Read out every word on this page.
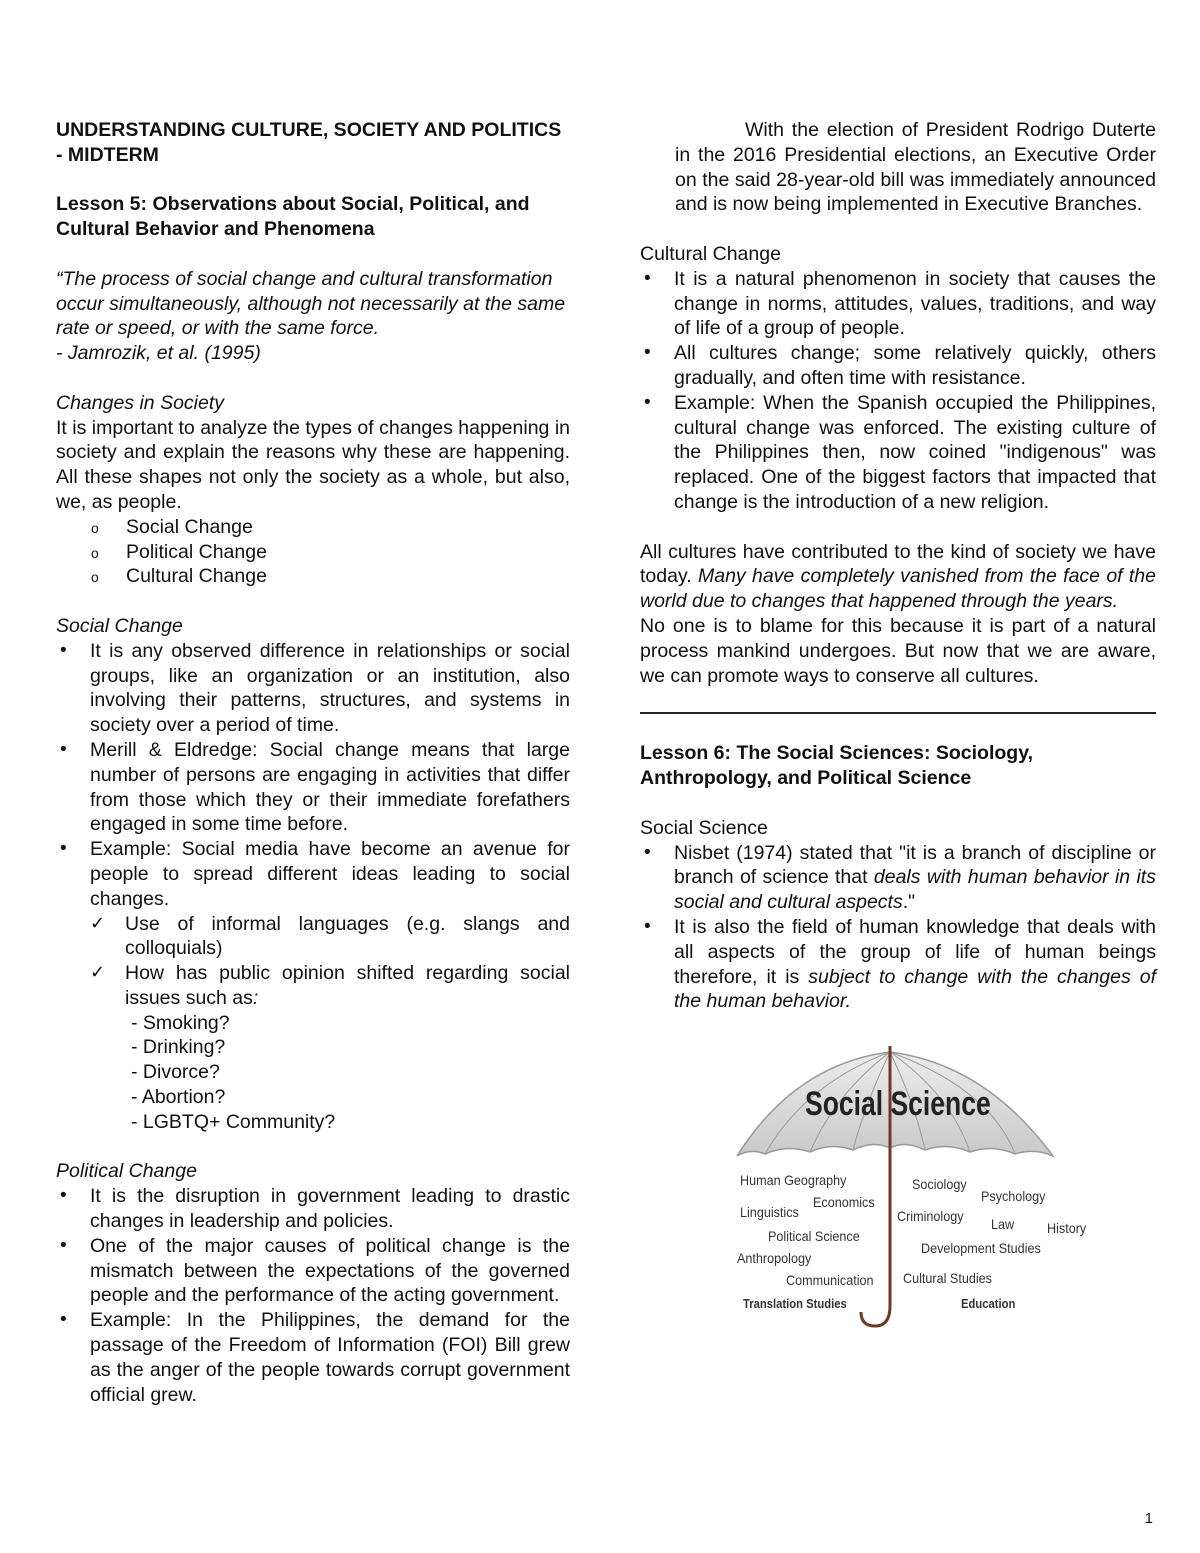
UNDERSTANDING CULTURE, SOCIETY AND POLITICS - MIDTERM

Lesson 5: Observations about Social, Political, and Cultural Behavior and Phenomena

“The process of social change and cultural transformation occur simultaneously, although not necessarily at the same rate or speed, or with the same force.

- Jamrozik, et al. (1995)

Changes in Society

It is important to analyze the types of changes happening in society and explain the reasons why these are happening. All these shapes not only the society as a whole, but also, we, as people.

o Social Change
o Political Change
o Cultural Change

Social Change

• It is any observed difference in relationships or social groups, like an organization or an institution, also involving their patterns, structures, and systems in society over a period of time.
• Merill & Eldredge: Social change means that large number of persons are engaging in activities that differ from those which they or their immediate forefathers engaged in some time before.
• Example: Social media have become an avenue for people to spread different ideas leading to social changes.
✓ Use of informal languages (e.g. slangs and colloquials)
✓ How has public opinion shifted regarding social issues such as:
- Smoking?
- Drinking?
- Divorce?
- Abortion?
- LGBTQ+ Community?

Political Change

• It is the disruption in government leading to drastic changes in leadership and policies.
• One of the major causes of political change is the mismatch between the expectations of the governed people and the performance of the acting government.
• Example: In the Philippines, the demand for the passage of the Freedom of Information (FOI) Bill grew as the anger of the people towards corrupt government official grew.

With the election of President Rodrigo Duterte in the 2016 Presidential elections, an Executive Order on the said 28-year-old bill was immediately announced and is now being implemented in Executive Branches.

Cultural Change

• It is a natural phenomenon in society that causes the change in norms, attitudes, values, traditions, and way of life of a group of people.
• All cultures change; some relatively quickly, others gradually, and often time with resistance.
• Example: When the Spanish occupied the Philippines, cultural change was enforced. The existing culture of the Philippines then, now coined "indigenous" was replaced. One of the biggest factors that impacted that change is the introduction of a new religion.

All cultures have contributed to the kind of society we have today. Many have completely vanished from the face of the world due to changes that happened through the years.

No one is to blame for this because it is part of a natural process mankind undergoes. But now that we are aware, we can promote ways to conserve all cultures.

Lesson 6: The Social Sciences: Sociology, Anthropology, and Political Science

Social Science

• Nisbet (1974) stated that "it is a branch of discipline or branch of science that deals with human behavior in its social and cultural aspects."
• It is also the field of human knowledge that deals with all aspects of the group of life of human beings therefore, it is subject to change with the changes of the human behavior.
Social Science
Human Geography
Economics
Linguistics
Political Science
Anthropology
Communication
Translation Studies
Sociology
Psychology
Criminology Law History
Development Studies
Cultural Studies
Education
1
